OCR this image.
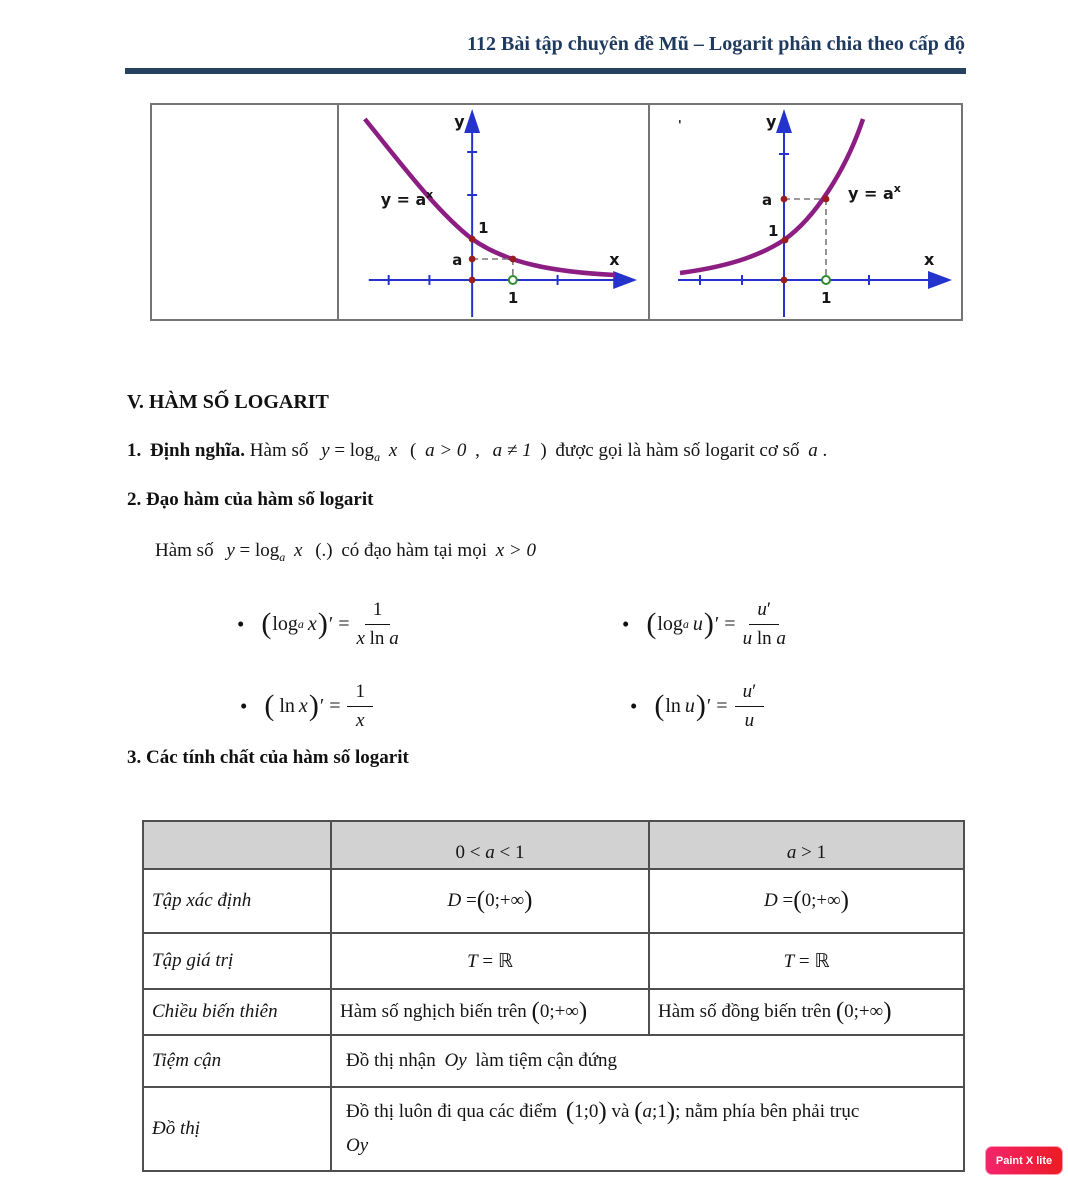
112 Bài tập chuyên đề Mũ – Logarit phân chia theo cấp độ
'	y
x
1
a
1
$y = a^x$
'	y
x
a
1
1
$y = a^x$
V. HÀM SỐ LOGARIT
1. Định nghĩa. Hàm số $y = \log_a x$ ( a > 0 , a ≠ 1 ) được gọi là hàm số logarit cơ số a .
2. Đạo hàm của hàm số logarit
Hàm số $y = \log_a x$ (.) có đạo hàm tại mọi x > 0
• ( log a x ) ′ = $\frac{1}{\text{x ln a}}$	• ( log a u ) ′ = $\frac{u'}{\text{u ln a}}$
• ( ln x ) ′ = $\frac{1}{x}$	• ( ln u ) ′ = $\frac{u'}{u}$
3. Các tính chất của hàm số logarit
	0 < a < 1	a > 1
Tập xác định	D =(0;+∞)	D =(0;+∞)
Tập giá trị	T = ℝ	T = ℝ
Chiều biến thiên	Hàm số nghịch biến trên (0;+∞)	Hàm số đồng biến trên (0;+∞)
Tiệm cận	Đồ thị nhận Oy làm tiệm cận đứng	
Đồ thị	Đồ thị luôn đi qua các điểm (1;0) và (a;1); nằm phía bên phải trục
Oy	
Paint X lite
